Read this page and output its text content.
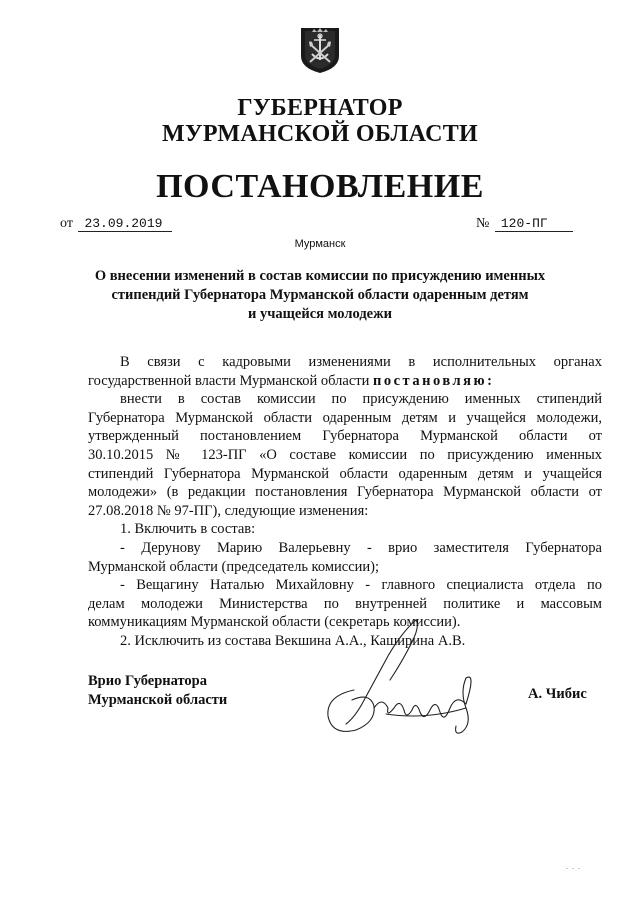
ГУБЕРНАТОР
МУРМАНСКОЙ ОБЛАСТИ
ПОСТАНОВЛЕНИЕ
от 23.09.2019	№ 120-ПГ
Мурманск
О внесении изменений в состав комиссии по присуждению именных
стипендий Губернатора Мурманской области одаренным детям
и учащейся молодежи
В связи с кадровыми изменениями в исполнительных органах
государственной власти Мурманской области постановляю:
внести в состав комиссии по присуждению именных стипендий
Губернатора Мурманской области одаренным детям и учащейся молодежи,
утвержденный постановлением Губернатора Мурманской области от
30.10.2015 № 123-ПГ «О составе комиссии по присуждению именных
стипендий Губернатора Мурманской области одаренным детям и учащейся
молодежи» (в редакции постановления Губернатора Мурманской области от
27.08.2018 № 97-ПГ), следующие изменения:
1. Включить в состав:
- Дерунову Марию Валерьевну - врио заместителя Губернатора
Мурманской области (председатель комиссии);
- Вещагину Наталью Михайловну - главного специалиста отдела по
делам молодежи Министерства по внутренней политике и массовым
коммуникациям Мурманской области (секретарь комиссии).
2. Исключить из состава Векшина А.А., Каширина А.В.
Врио Губернатора
Мурманской области	А. Чибис
. . .
